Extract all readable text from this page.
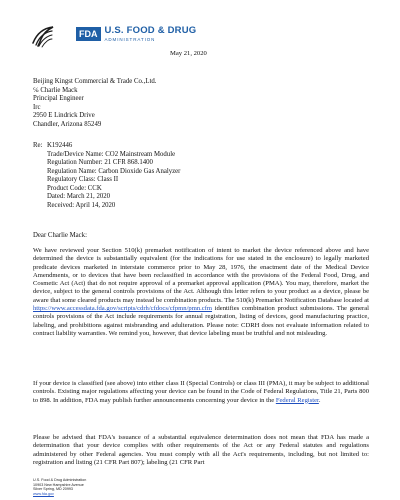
FDA U.S. FOOD & DRUG
ADMINISTRATION
May 21, 2020
Beijing Kingst Commercial & Trade Co.,Ltd.
℅ Charlie Mack
Principal Engineer
Irc
2950 E Lindrick Drive
Chandler, Arizona 85249
Re: K192446
Trade/Device Name: CO2 Mainstream Module
Regulation Number: 21 CFR 868.1400
Regulation Name: Carbon Dioxide Gas Analyzer
Regulatory Class: Class II
Product Code: CCK
Dated: March 21, 2020
Received: April 14, 2020
Dear Charlie Mack:

We have reviewed your Section 510(k) premarket notification of intent to market the device referenced above and have determined the device is substantially equivalent (for the indications for use stated in the enclosure) to legally marketed predicate devices marketed in interstate commerce prior to May 28, 1976, the enactment date of the Medical Device Amendments, or to devices that have been reclassified in accordance with the provisions of the Federal Food, Drug, and Cosmetic Act (Act) that do not require approval of a premarket approval application (PMA). You may, therefore, market the device, subject to the general controls provisions of the Act. Although this letter refers to your product as a device, please be aware that some cleared products may instead be combination products. The 510(k) Premarket Notification Database located at https://www.accessdata.fda.gov/scripts/cdrh/cfdocs/cfpmn/pmn.cfm identifies combination product submissions. The general controls provisions of the Act include requirements for annual registration, listing of devices, good manufacturing practice, labeling, and prohibitions against misbranding and adulteration. Please note: CDRH does not evaluate information related to contract liability warranties. We remind you, however, that device labeling must be truthful and not misleading.

If your device is classified (see above) into either class II (Special Controls) or class III (PMA), it may be subject to additional controls. Existing major regulations affecting your device can be found in the Code of Federal Regulations, Title 21, Parts 800 to 898. In addition, FDA may publish further announcements concerning your device in the Federal Register.

Please be advised that FDA's issuance of a substantial equivalence determination does not mean that FDA has made a determination that your device complies with other requirements of the Act or any Federal statutes and regulations administered by other Federal agencies. You must comply with all the Act's requirements, including, but not limited to: registration and listing (21 CFR Part 807); labeling (21 CFR Part

U.S. Food & Drug Administration
10903 New Hampshire Avenue
Silver Spring, MD 20993
www.fda.gov
